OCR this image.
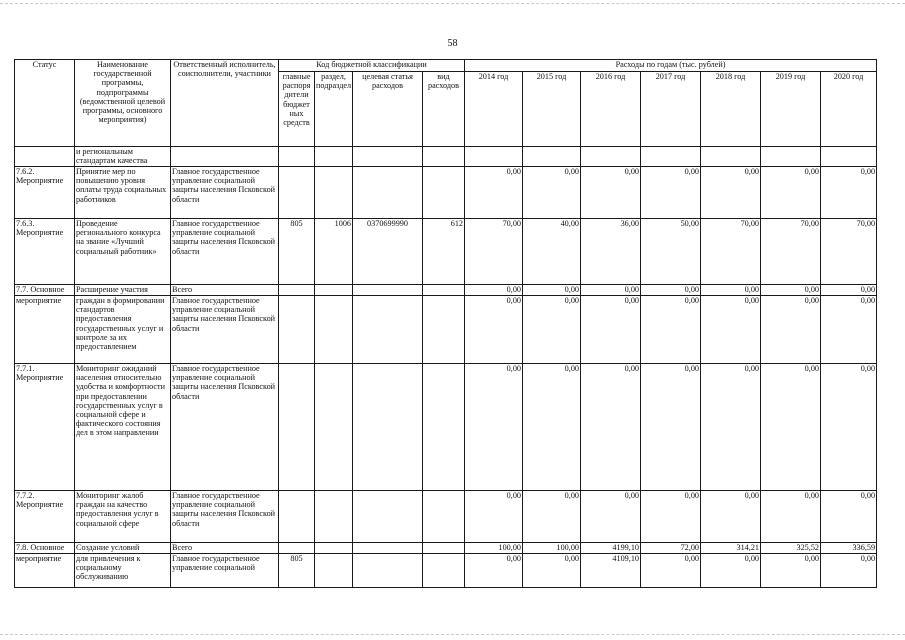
58
Статус	Наименование государственной программы, подпрограммы (ведомственной целевой программы, основного мероприятия)	Ответственный исполнитель, соисполнители, участники	Код бюджетной классификации				Расходы по годам (тыс. рублей)						
			главные распоря дители бюджет ных средств	раздел, подраздел	целевая статья расходов	вид расходов	2014 год	2015 год	2016 год	2017 год	2018 год	2019 год	2020 год
	и региональным стандартам качества												
7.6.2. Мероприятие	Принятие мер по повышению уровня оплаты труда социальных работников	Главное государственное управление социальной защиты населения Псковской области					0,00	0,00	0,00	0,00	0,00	0,00	0,00
7.6.3. Мероприятие	Проведение регионального конкурса на звание «Лучший социальный работник»	Главное государственное управление социальной защиты населения Псковской области	805	1006	0370699990	612	70,00	40,00	36,00	50,00	70,00	70,00	70,00
7.7. Основное	Расширение участия	Всего					0,00	0,00	0,00	0,00	0,00	0,00	0,00
мероприятие	граждан в формировании стандартов предоставления государственных услуг и контроле за их предоставлением	Главное государственное управление социальной защиты населения Псковской области					0,00	0,00	0,00	0,00	0,00	0,00	0,00
7.7.1. Мероприятие	Мониторинг ожиданий населения относительно удобства и комфортности при предоставлении государственных услуг в социальной сфере и фактического состояния дел в этом направлении	Главное государственное управление социальной защиты населения Псковской области					0,00	0,00	0,00	0,00	0,00	0,00	0,00
7.7.2. Мероприятие	Мониторинг жалоб граждан на качество предоставления услуг в социальной сфере	Главное государственное управление социальной защиты населения Псковской области					0,00	0,00	0,00	0,00	0,00	0,00	0,00
7.8. Основное	Создание условий	Всего					100,00	100,00	4199,10	72,00	314,21	325,52	336,59
мероприятие	для привлечения к социальному обслуживанию	Главное государственное управление социальной	805				0,00	0,00	4109,10	0,00	0,00	0,00	0,00
